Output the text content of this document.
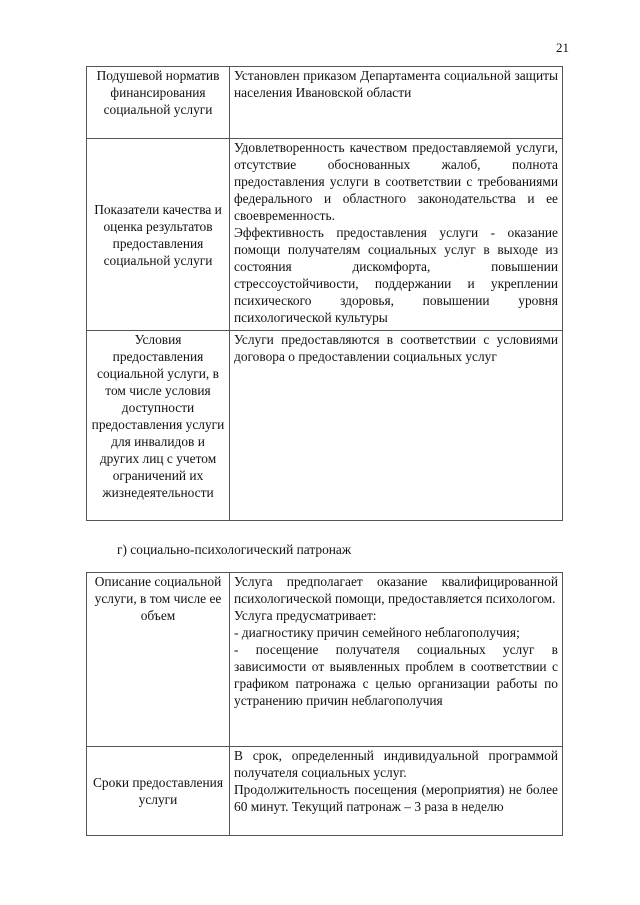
21
Подушевой норматив финансирования социальной услуги	Установлен приказом Департамента социальной защиты населения Ивановской области

Показатели качества и оценка результатов предоставления социальной услуги	Удовлетворенность качеством предоставляемой услуги, отсутствие обоснованных жалоб, полнота предоставления услуги в соответствии с требованиями федерального и областного законодательства и ее своевременность.
Эффективность предоставления услуги - оказание помощи получателям социальных услуг в выходе из состояния дискомфорта, повышении стрессоустойчивости, поддержании и укреплении психического здоровья, повышении уровня психологической культуры

Условия предоставления социальной услуги, в том числе условия доступности предоставления услуги для инвалидов и других лиц с учетом ограничений их жизнедеятельности	Услуги предоставляются в соответствии с условиями договора о предоставлении социальных услуг
г) социально-психологический патронаж
Описание социальной услуги, в том числе ее объем	Услуга предполагает оказание квалифицированной психологической помощи, предоставляется психологом.
Услуга предусматривает:
- диагностику причин семейного неблагополучия;
- посещение получателя социальных услуг в зависимости от выявленных проблем в соответствии с графиком патронажа с целью организации работы по устранению причин неблагополучия

Сроки предоставления услуги	В срок, определенный индивидуальной программой получателя социальных услуг.
Продолжительность посещения (мероприятия) не более 60 минут. Текущий патронаж – 3 раза в неделю
